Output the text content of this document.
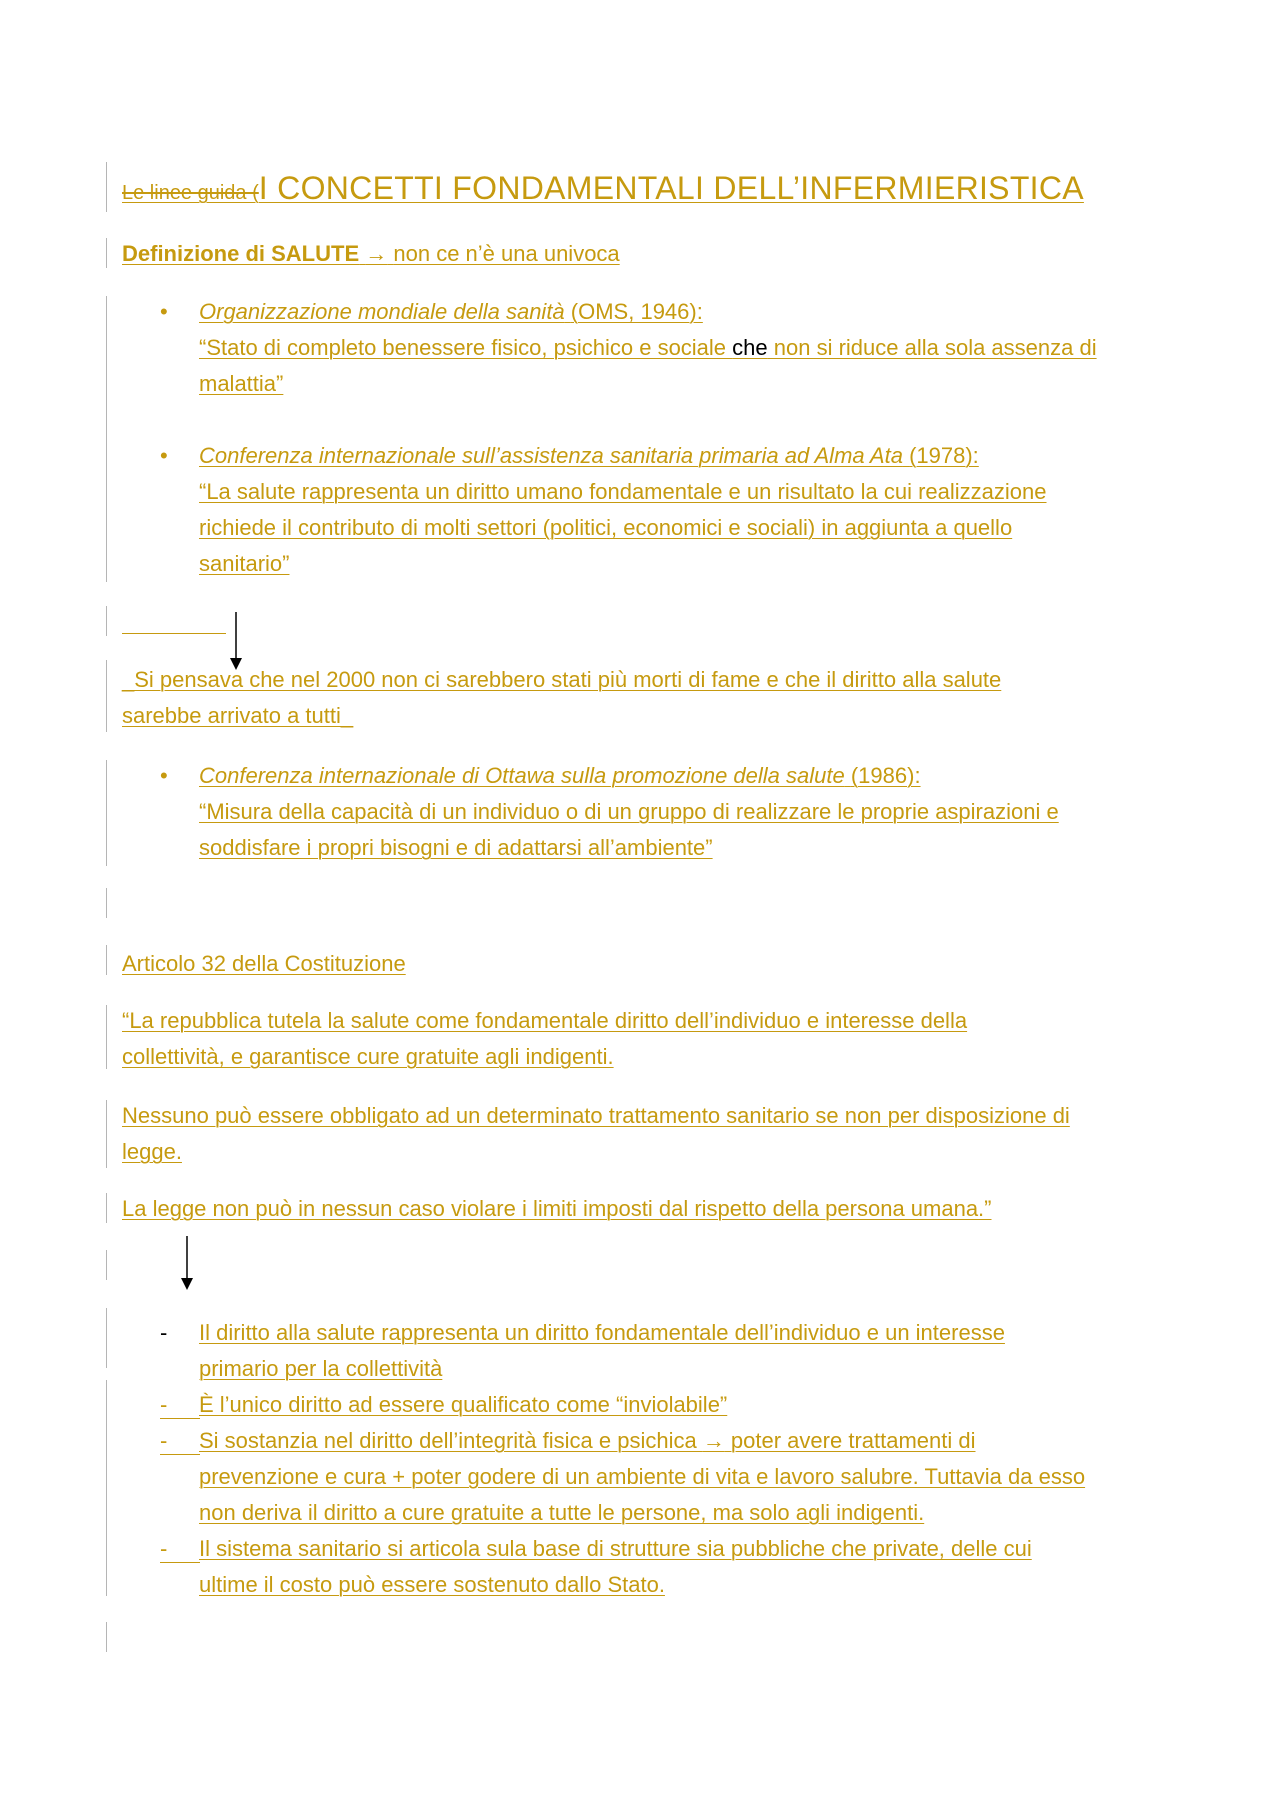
Le linee guida (I CONCETTI FONDAMENTALI DELL’INFERMIERISTICA
Definizione di SALUTE → non ce n’è una univoca
• Organizzazione mondiale della sanità (OMS, 1946):
“Stato di completo benessere fisico, psichico e sociale che non si riduce alla sola assenza di
malattia”
• Conferenza internazionale sull’assistenza sanitaria primaria ad Alma Ata (1978):
“La salute rappresenta un diritto umano fondamentale e un risultato la cui realizzazione
richiede il contributo di molti settori (politici, economici e sociali) in aggiunta a quello
sanitario”
_Si pensava che nel 2000 non ci sarebbero stati più morti di fame e che il diritto alla salute
sarebbe arrivato a tutti_
• Conferenza internazionale di Ottawa sulla promozione della salute (1986):
“Misura della capacità di un individuo o di un gruppo di realizzare le proprie aspirazioni e
soddisfare i propri bisogni e di adattarsi all’ambiente”
Articolo 32 della Costituzione
“La repubblica tutela la salute come fondamentale diritto dell’individuo e interesse della
collettività, e garantisce cure gratuite agli indigenti.
Nessuno può essere obbligato ad un determinato trattamento sanitario se non per disposizione di
legge.
La legge non può in nessun caso violare i limiti imposti dal rispetto della persona umana.”
- Il diritto alla salute rappresenta un diritto fondamentale dell’individuo e un interesse
primario per la collettività
- È l’unico diritto ad essere qualificato come “inviolabile”
- Si sostanzia nel diritto dell’integrità fisica e psichica → poter avere trattamenti di
prevenzione e cura + poter godere di un ambiente di vita e lavoro salubre. Tuttavia da esso
non deriva il diritto a cure gratuite a tutte le persone, ma solo agli indigenti.
- Il sistema sanitario si articola sula base di strutture sia pubbliche che private, delle cui
ultime il costo può essere sostenuto dallo Stato.
